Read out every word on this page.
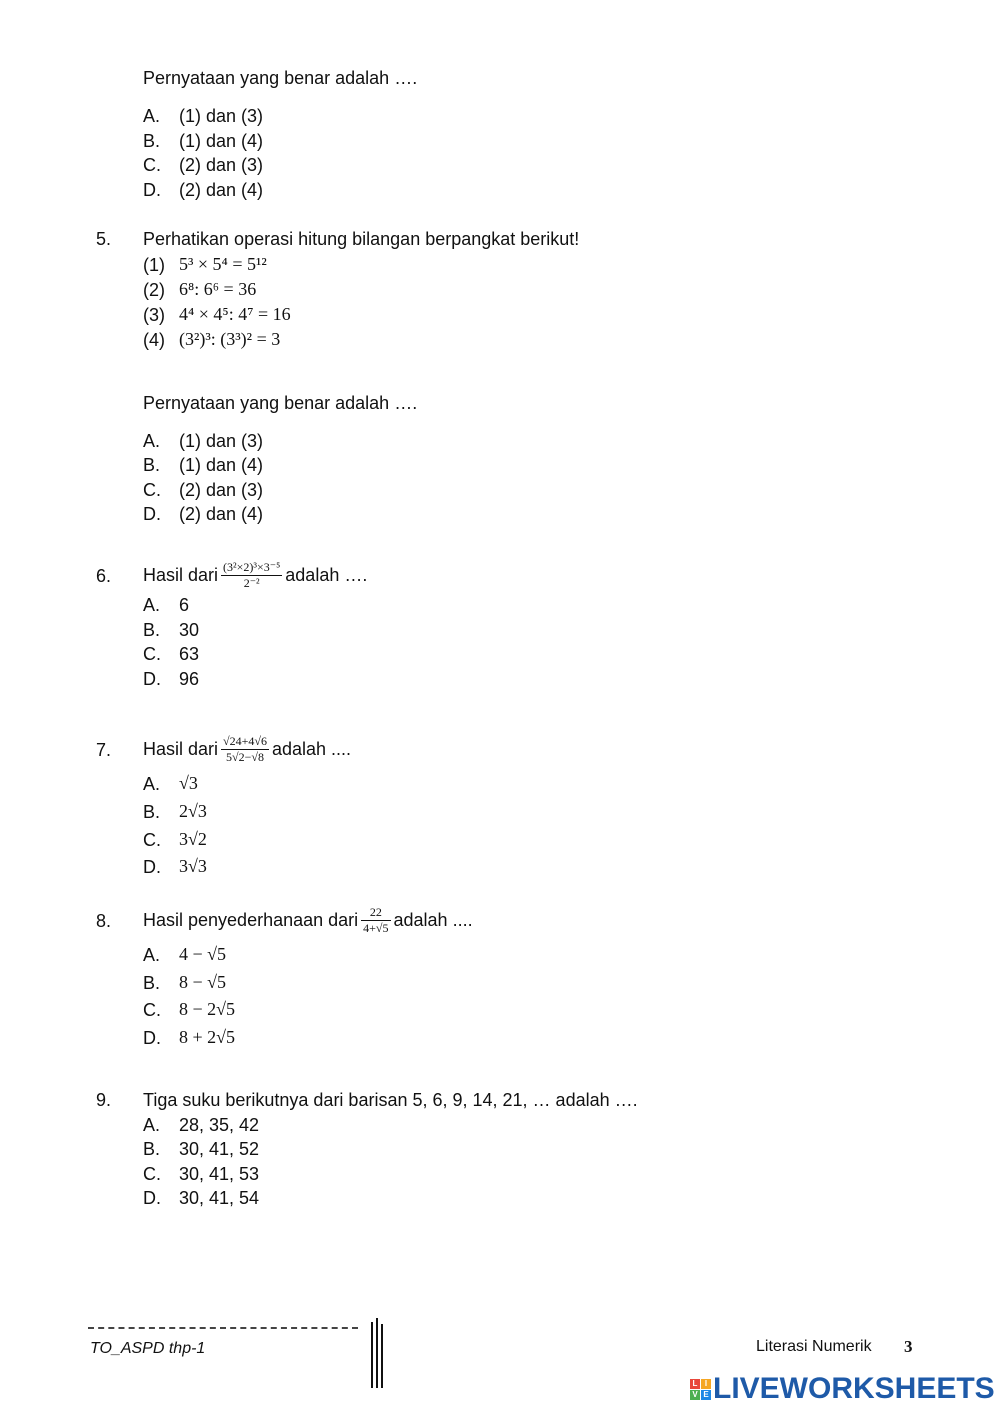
Pernyataan yang benar adalah ….
A. (1) dan (3)
B. (1) dan (4)
C. (2) dan (3)
D. (2) dan (4)
5. Perhatikan operasi hitung bilangan berpangkat berikut!
(1) 5³ × 5⁴ = 5¹²
(2) 6⁸: 6⁶ = 36
(3) 4⁴ × 4⁵: 4⁷ = 16
(4) (3²)³: (3³)² = 3
Pernyataan yang benar adalah ….
A. (1) dan (3)
B. (1) dan (4)
C. (2) dan (3)
D. (2) dan (4)
6. Hasil dari $\frac{\text{(3²×2)³×3⁻⁵}}{\text{2⁻²}}$ adalah ….
A. 6
B. 30
C. 63
D. 96
7. Hasil dari $\frac{√24+4√6}{5√2-√8}$ adalah ....
A. √3
B. 2√3
C. 3√2
D. 3√3
8. Hasil penyederhanaan dari $\frac{22}{4+√5}$ adalah ....
A. 4 − √5
B. 8 − √5
C. 8 − 2√5
D. 8 + 2√5
9. Tiga suku berikutnya dari barisan 5, 6, 9, 14, 21, … adalah ….
A. 28, 35, 42
B. 30, 41, 52
C. 30, 41, 53
D. 30, 41, 54
TO_ASPD thp-1	Literasi Numerik 3
L I
V E LIVEWORKSHEETS
